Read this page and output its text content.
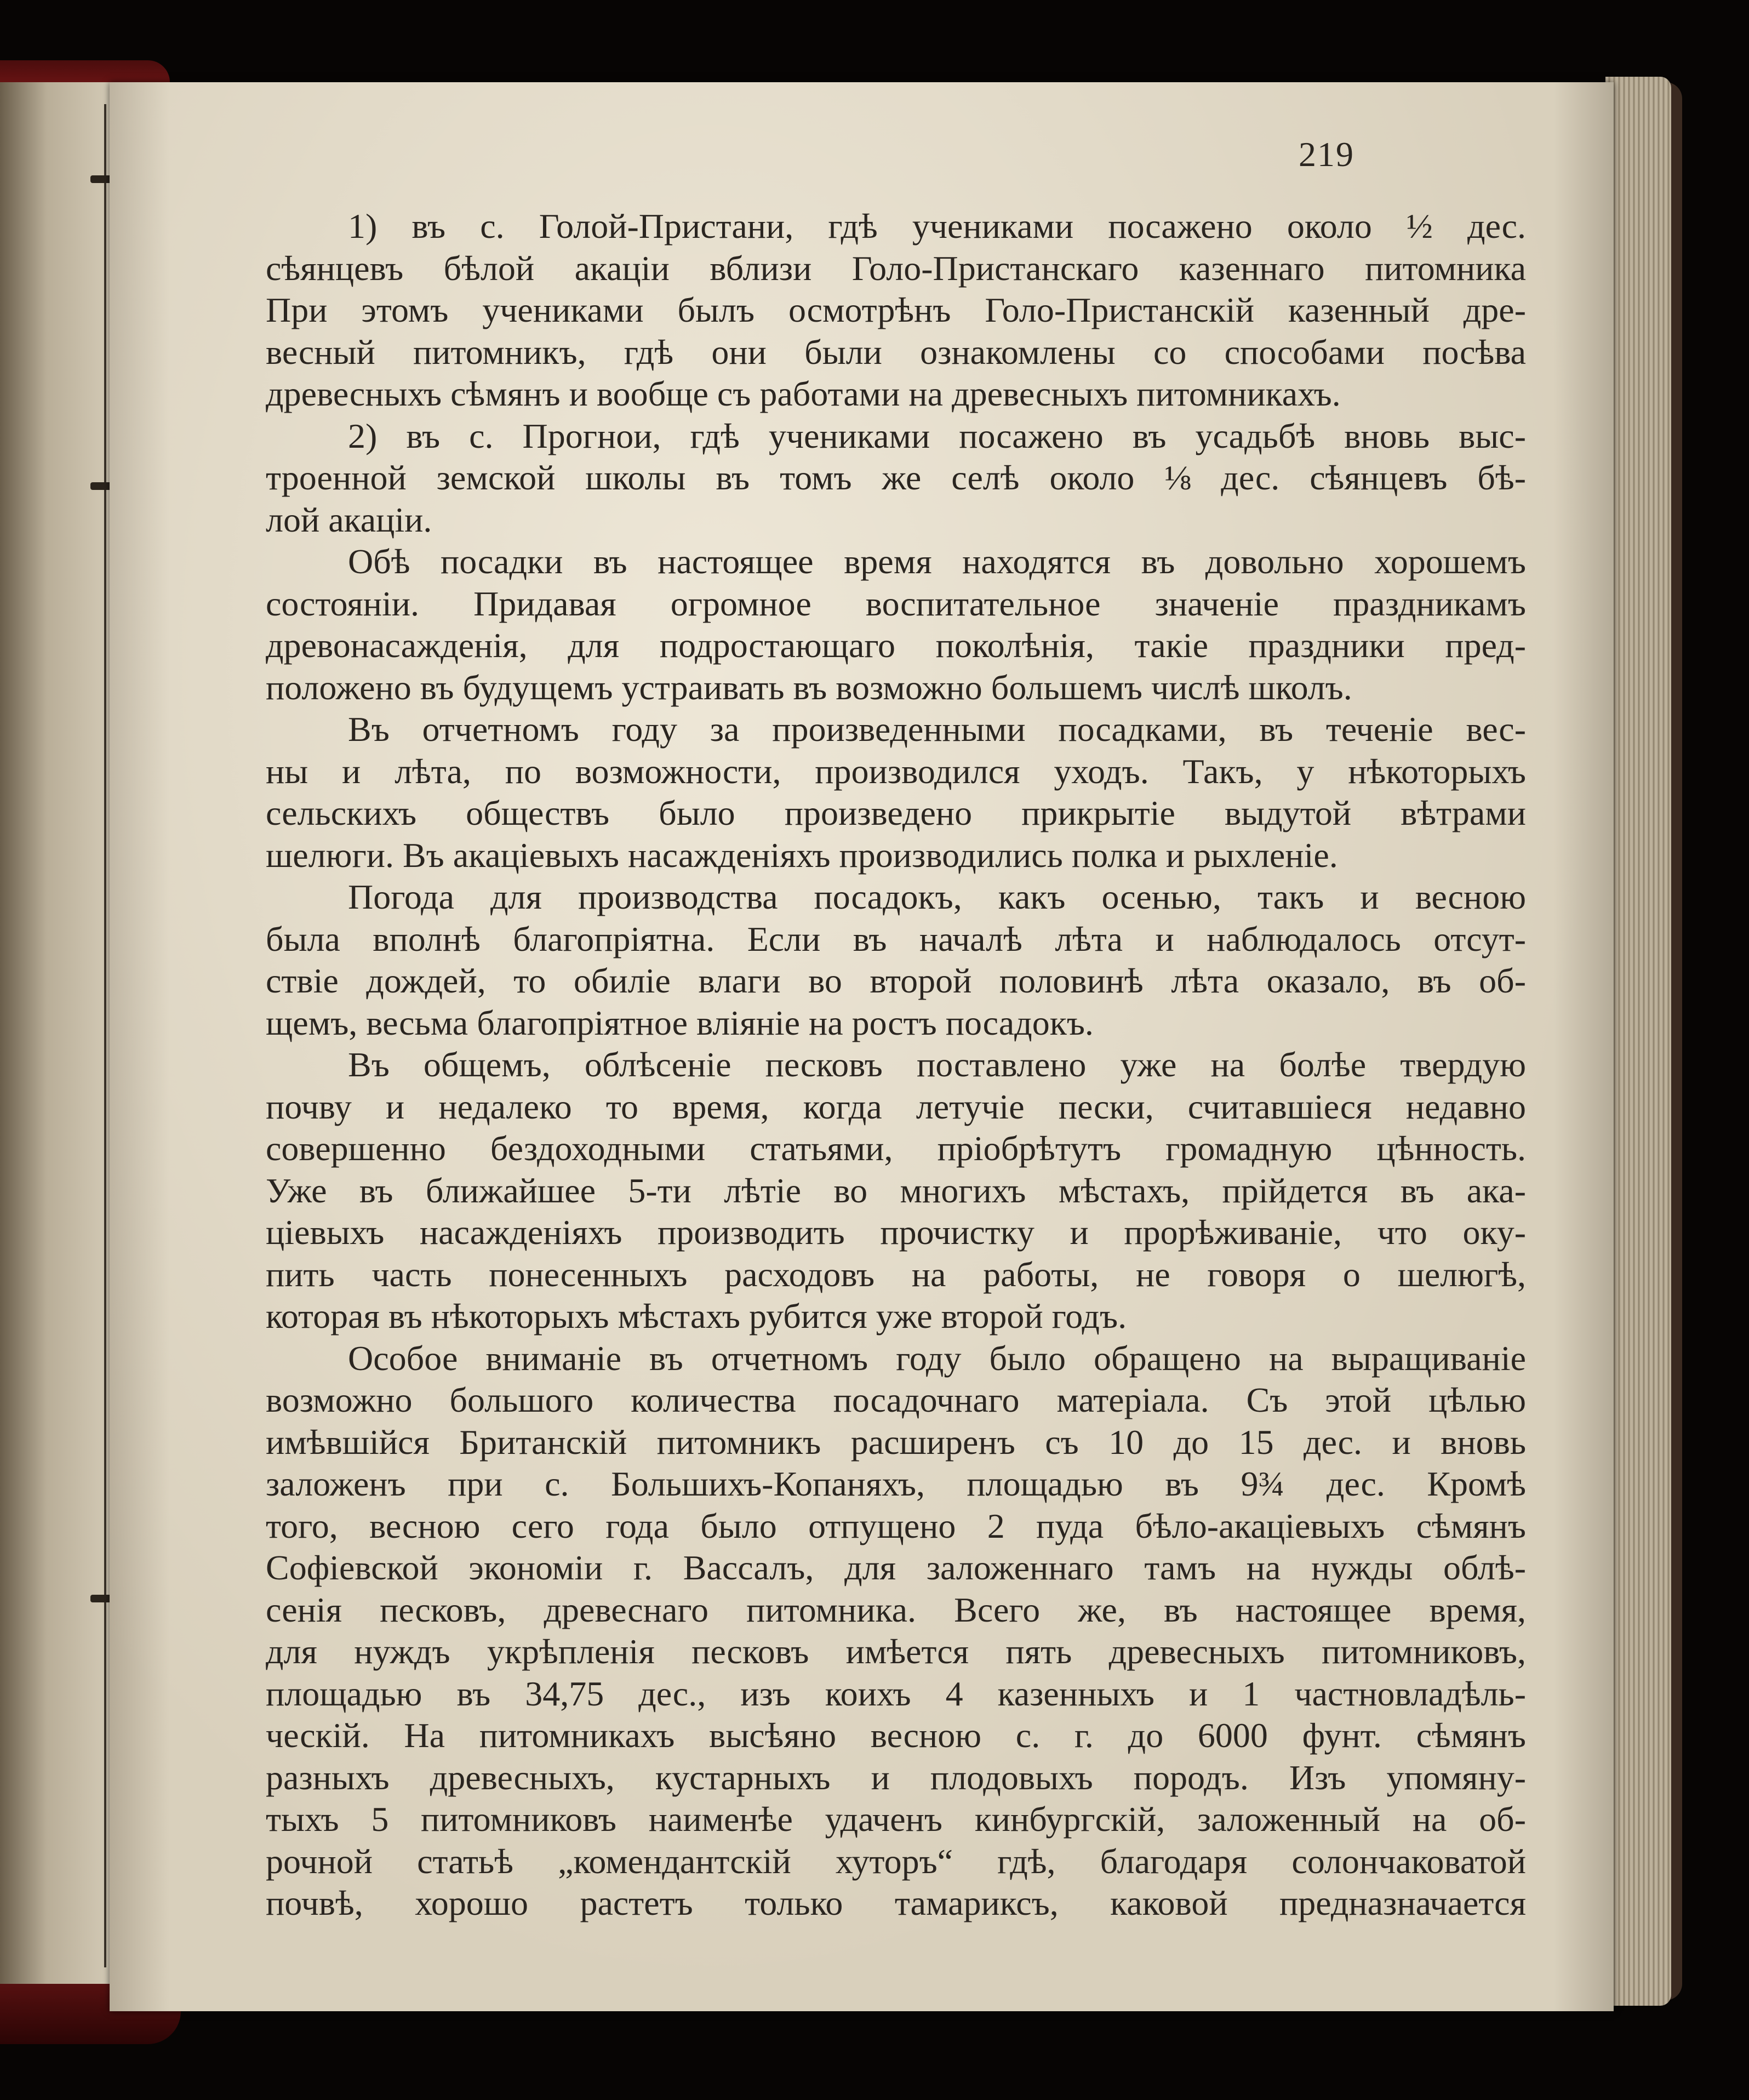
219
1) въ с. Голой-Пристани, гдѣ учениками посажено около ½ дес.
сѣянцевъ бѣлой акаціи вблизи Голо-Пристанскаго казеннаго питомника
При этомъ учениками былъ осмотрѣнъ Голо-Пристанскій казенный дре-
весный питомникъ, гдѣ они были ознакомлены со способами посѣва
древесныхъ сѣмянъ и вообще съ работами на древесныхъ питомникахъ.
2) въ с. Прогнои, гдѣ учениками посажено въ усадьбѣ вновь выс-
троенной земской школы въ томъ же селѣ около ⅛ дес. сѣянцевъ бѣ-
лой акаціи.
Обѣ посадки въ настоящее время находятся въ довольно хорошемъ
состояніи. Придавая огромное воспитательное значеніе праздникамъ
древонасажденія, для подростающаго поколѣнія, такіе праздники пред-
положено въ будущемъ устраивать въ возможно большемъ числѣ школъ.
Въ отчетномъ году за произведенными посадками, въ теченіе вес-
ны и лѣта, по возможности, производился уходъ. Такъ, у нѣкоторыхъ
сельскихъ обществъ было произведено прикрытіе выдутой вѣтрами
шелюги. Въ акаціевыхъ насажденіяхъ производились полка и рыхленіе.
Погода для производства посадокъ, какъ осенью, такъ и весною
была вполнѣ благопріятна. Если въ началѣ лѣта и наблюдалось отсут-
ствіе дождей, то обиліе влаги во второй половинѣ лѣта оказало, въ об-
щемъ, весьма благопріятное вліяніе на ростъ посадокъ.
Въ общемъ, облѣсеніе песковъ поставлено уже на болѣе твердую
почву и недалеко то время, когда летучіе пески, считавшіеся недавно
совершенно бездоходными статьями, пріобрѣтутъ громадную цѣнность.
Уже въ ближайшее 5-ти лѣтіе во многихъ мѣстахъ, прійдется въ ака-
ціевыхъ насажденіяхъ производить прочистку и прорѣживаніе, что оку-
пить часть понесенныхъ расходовъ на работы, не говоря о шелюгѣ,
которая въ нѣкоторыхъ мѣстахъ рубится уже второй годъ.
Особое вниманіе въ отчетномъ году было обращено на выращиваніе
возможно большого количества посадочнаго матеріала. Съ этой цѣлью
имѣвшійся Британскій питомникъ расширенъ съ 10 до 15 дес. и вновь
заложенъ при с. Большихъ-Копаняхъ, площадью въ 9¾ дес. Кромѣ
того, весною сего года было отпущено 2 пуда бѣло-акаціевыхъ сѣмянъ
Софіевской экономіи г. Вассалъ, для заложеннаго тамъ на нужды облѣ-
сенія песковъ, древеснаго питомника. Всего же, въ настоящее время,
для нуждъ укрѣпленія песковъ имѣется пять древесныхъ питомниковъ,
площадью въ 34,75 дес., изъ коихъ 4 казенныхъ и 1 частновладѣль-
ческій. На питомникахъ высѣяно весною с. г. до 6000 фунт. сѣмянъ
разныхъ древесныхъ, кустарныхъ и плодовыхъ породъ. Изъ упомяну-
тыхъ 5 питомниковъ наименѣе удаченъ кинбургскій, заложенный на об-
рочной статьѣ „комендантскій хуторъ“ гдѣ, благодаря солончаковатой
почвѣ, хорошо растетъ только тамариксъ, каковой предназначается
